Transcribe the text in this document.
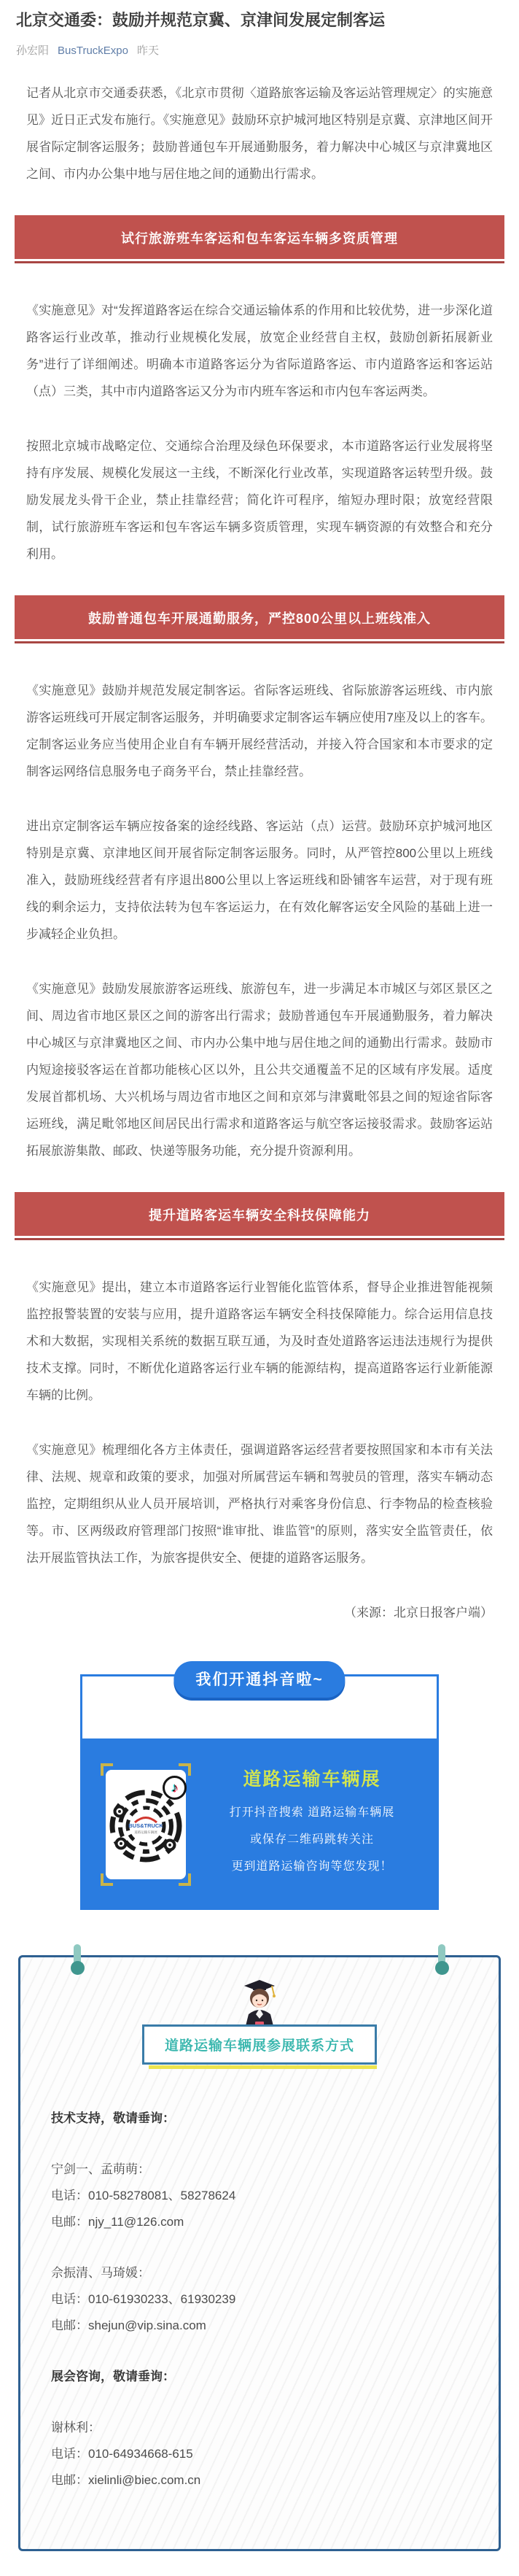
北京交通委：鼓励并规范京冀、京津间发展定制客运
孙宏阳 BusTruckExpo 昨天

记者从北京市交通委获悉，《北京市贯彻〈道路旅客运输及客运站管理规定〉的实施意见》近日正式发布施行。《实施意见》鼓励环京护城河地区特别是京冀、京津地区间开展省际定制客运服务；鼓励普通包车开展通勤服务，着力解决中心城区与京津冀地区之间、市内办公集中地与居住地之间的通勤出行需求。

试行旅游班车客运和包车客运车辆多资质管理

《实施意见》对“发挥道路客运在综合交通运输体系的作用和比较优势，进一步深化道路客运行业改革，推动行业规模化发展，放宽企业经营自主权，鼓励创新拓展新业务”进行了详细阐述。明确本市道路客运分为省际道路客运、市内道路客运和客运站（点）三类，其中市内道路客运又分为市内班车客运和市内包车客运两类。

按照北京城市战略定位、交通综合治理及绿色环保要求，本市道路客运行业发展将坚持有序发展、规模化发展这一主线，不断深化行业改革，实现道路客运转型升级。鼓励发展龙头骨干企业，禁止挂靠经营；简化许可程序，缩短办理时限；放宽经营限制，试行旅游班车客运和包车客运车辆多资质管理，实现车辆资源的有效整合和充分利用。

鼓励普通包车开展通勤服务，严控800公里以上班线准入

《实施意见》鼓励并规范发展定制客运。省际客运班线、省际旅游客运班线、市内旅游客运班线可开展定制客运服务，并明确要求定制客运车辆应使用7座及以上的客车。定制客运业务应当使用企业自有车辆开展经营活动，并接入符合国家和本市要求的定制客运网络信息服务电子商务平台，禁止挂靠经营。

进出京定制客运车辆应按备案的途经线路、客运站（点）运营。鼓励环京护城河地区特别是京冀、京津地区间开展省际定制客运服务。同时，从严管控800公里以上班线准入，鼓励班线经营者有序退出800公里以上客运班线和卧铺客车运营，对于现有班线的剩余运力，支持依法转为包车客运运力，在有效化解客运安全风险的基础上进一步减轻企业负担。

《实施意见》鼓励发展旅游客运班线、旅游包车，进一步满足本市城区与郊区景区之间、周边省市地区景区之间的游客出行需求；鼓励普通包车开展通勤服务，着力解决中心城区与京津冀地区之间、市内办公集中地与居住地之间的通勤出行需求。鼓励市内短途接驳客运在首都功能核心区以外，且公共交通覆盖不足的区域有序发展。适度发展首都机场、大兴机场与周边省市地区之间和京郊与津冀毗邻县之间的短途省际客运班线，满足毗邻地区间居民出行需求和道路客运与航空客运接驳需求。鼓励客运站拓展旅游集散、邮政、快递等服务功能，充分提升资源利用。

提升道路客运车辆安全科技保障能力

《实施意见》提出，建立本市道路客运行业智能化监管体系，督导企业推进智能视频监控报警装置的安装与应用，提升道路客运车辆安全科技保障能力。综合运用信息技术和大数据，实现相关系统的数据互联互通，为及时查处道路客运违法违规行为提供技术支撑。同时，不断优化道路客运行业车辆的能源结构，提高道路客运行业新能源车辆的比例。

《实施意见》梳理细化各方主体责任，强调道路客运经营者要按照国家和本市有关法律、法规、规章和政策的要求，加强对所属营运车辆和驾驶员的管理，落实车辆动态监控，定期组织从业人员开展培训，严格执行对乘客身份信息、行李物品的检查核验等。市、区两级政府管理部门按照“谁审批、谁监管”的原则，落实安全监管责任，依法开展监管执法工作，为旅客提供安全、便捷的道路客运服务。

（来源：北京日报客户端）
我们开通抖音啦~
BUS&TRUCK
道路运输车辆展
♪	道路运输车辆展
打开抖音搜索 道路运输车辆展
或保存二维码跳转关注
更到道路运输咨询等您发现！
道路运输车辆展参展联系方式
技术支持，敬请垂询：
宁剑一、孟萌萌：
电话：010-58278081、58278624
电邮：njy_11@126.com
佘振清、马琦媛：
电话：010-61930233、61930239
电邮：shejun@vip.sina.com
展会咨询，敬请垂询：
谢林利：
电话：010-64934668-615
电邮：xielinli@biec.com.cn
